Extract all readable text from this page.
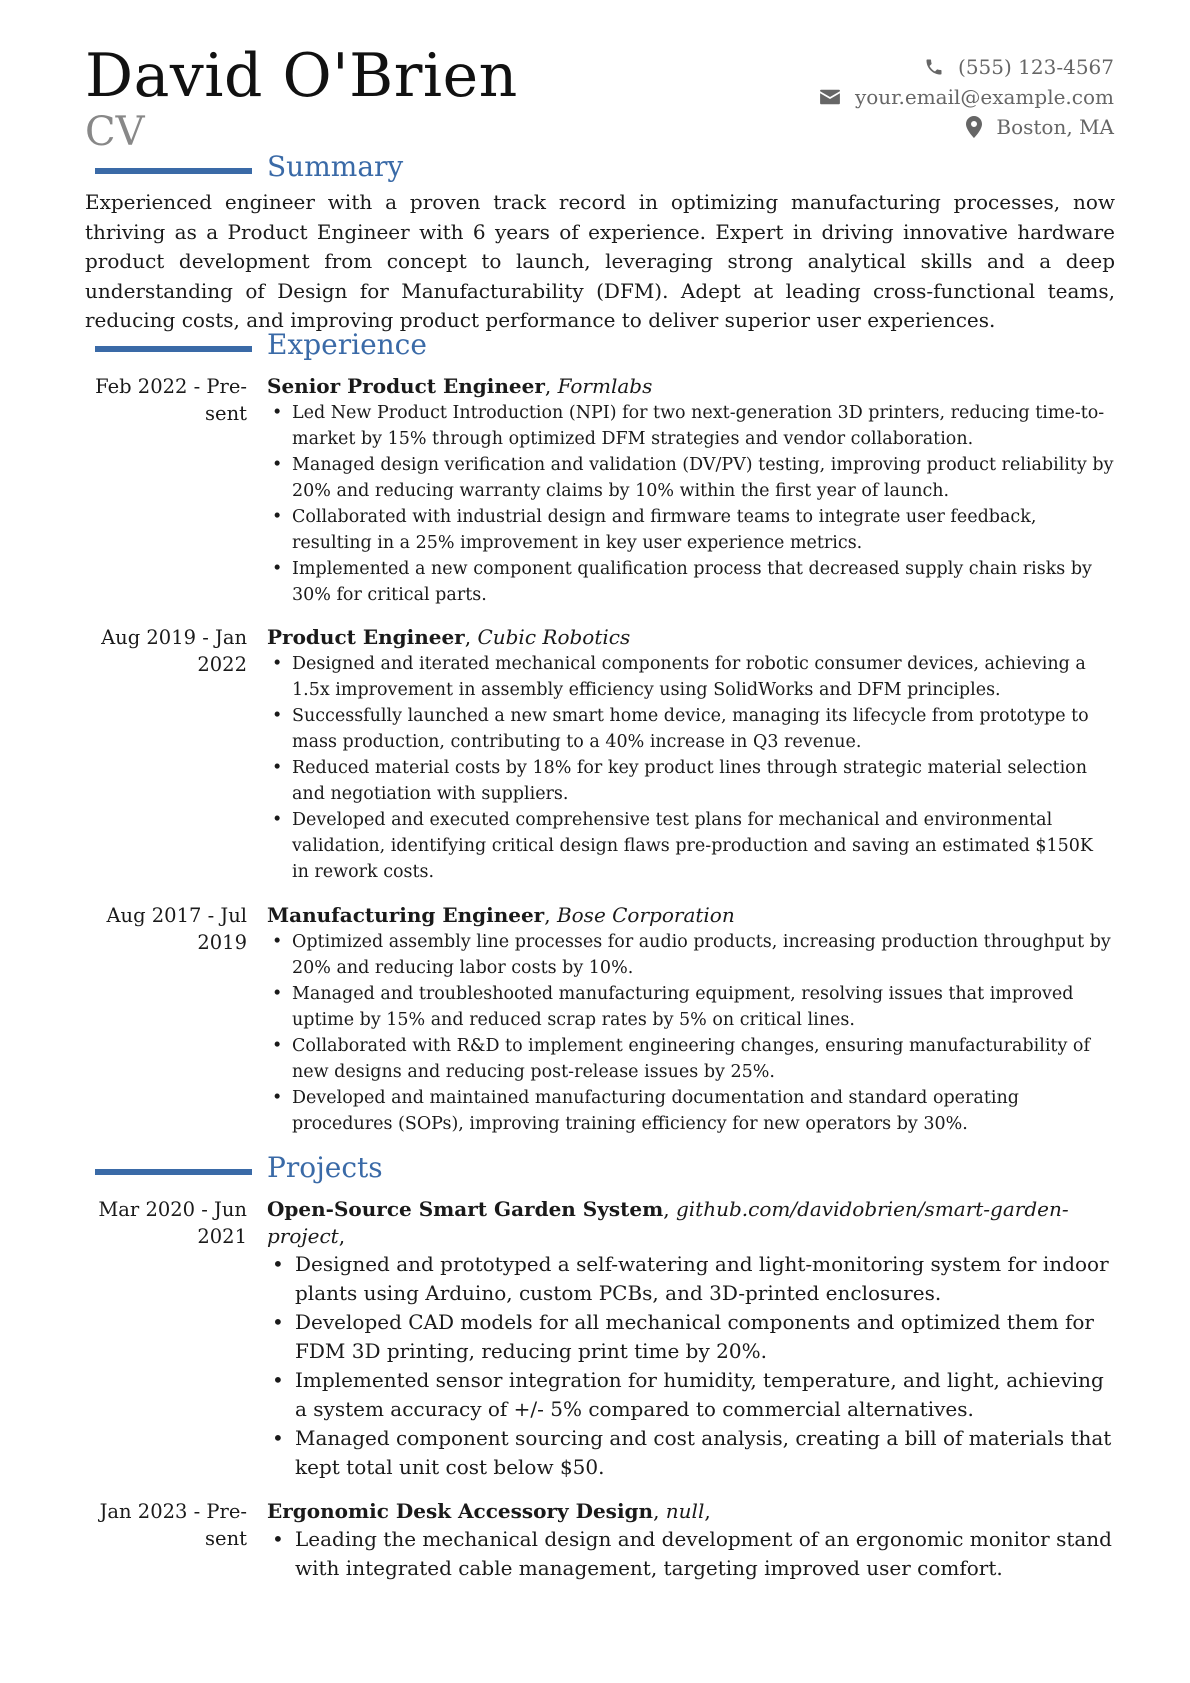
David O'Brien
CV
(555) 123-4567
your.email@example.com
Boston, MA
Summary

Experienced engineer with a proven track record in optimizing manufacturing processes, now thriving as a Product Engineer with 6 years of experience. Expert in driving innovative hardware product development from concept to launch, leveraging strong analytical skills and a deep understanding of Design for Manufacturability (DFM). Adept at leading cross-functional teams, reducing costs, and improving product performance to deliver superior user experiences.

Experience
Feb 2022 - Pre-
sent
Senior Product Engineer, Formlabs
• Led New Product Introduction (NPI) for two next-generation 3D printers, reducing time-to-market by 15% through optimized DFM strategies and vendor collaboration.
• Managed design verification and validation (DV/PV) testing, improving product reliability by 20% and reducing warranty claims by 10% within the first year of launch.
• Collaborated with industrial design and firmware teams to integrate user feedback, resulting in a 25% improvement in key user experience metrics.
• Implemented a new component qualification process that decreased supply chain risks by 30% for critical parts.
Aug 2019 - Jan
2022
Product Engineer, Cubic Robotics
• Designed and iterated mechanical components for robotic consumer devices, achieving a 1.5x improvement in assembly efficiency using SolidWorks and DFM principles.
• Successfully launched a new smart home device, managing its lifecycle from prototype to mass production, contributing to a 40% increase in Q3 revenue.
• Reduced material costs by 18% for key product lines through strategic material selection and negotiation with suppliers.
• Developed and executed comprehensive test plans for mechanical and environmental validation, identifying critical design flaws pre-production and saving an estimated $150K in rework costs.
Aug 2017 - Jul
2019
Manufacturing Engineer, Bose Corporation
• Optimized assembly line processes for audio products, increasing production throughput by 20% and reducing labor costs by 10%.
• Managed and troubleshooted manufacturing equipment, resolving issues that improved uptime by 15% and reduced scrap rates by 5% on critical lines.
• Collaborated with R&D to implement engineering changes, ensuring manufacturability of new designs and reducing post-release issues by 25%.
• Developed and maintained manufacturing documentation and standard operating procedures (SOPs), improving training efficiency for new operators by 30%.
Projects
Mar 2020 - Jun
2021
Open-Source Smart Garden System, github.com/davidobrien/smart-garden-project,
• Designed and prototyped a self-watering and light-monitoring system for indoor plants using Arduino, custom PCBs, and 3D-printed enclosures.
• Developed CAD models for all mechanical components and optimized them for FDM 3D printing, reducing print time by 20%.
• Implemented sensor integration for humidity, temperature, and light, achieving a system accuracy of +/- 5% compared to commercial alternatives.
• Managed component sourcing and cost analysis, creating a bill of materials that kept total unit cost below $50.
Jan 2023 - Pre-
sent
Ergonomic Desk Accessory Design, null,
• Leading the mechanical design and development of an ergonomic monitor stand with integrated cable management, targeting improved user comfort.
